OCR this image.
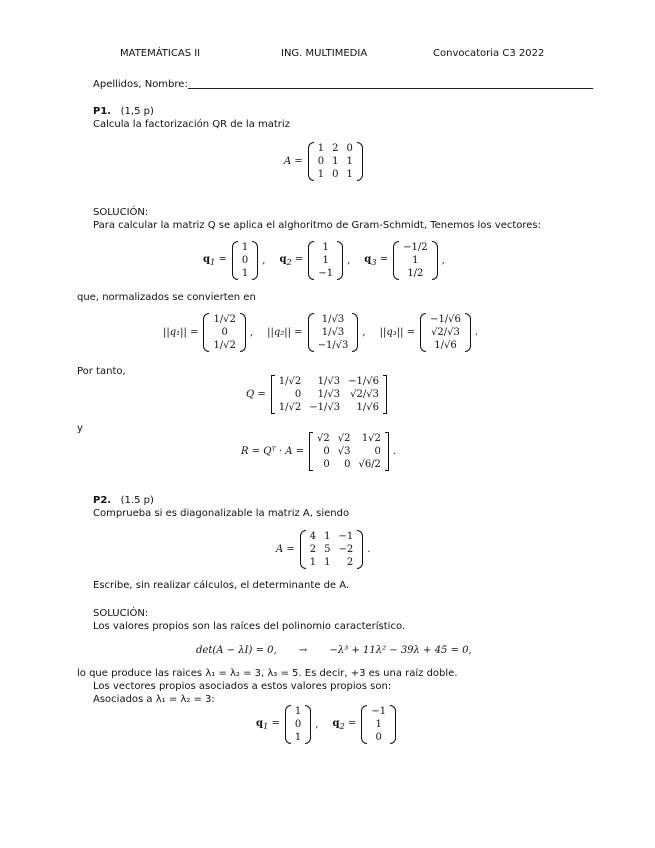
MATEMÁTICAS II	ING. MULTIMEDIA	Convocatoria C3 2022
Apellidos, Nombre:
P1. (1,5 p)
Calcula la factorización QR de la matriz
A =
1	2	0
0	1	1
1	0	1
SOLUCIÓN:
Para calcular la matriz Q se aplica el alghoritmo de Gram-Schmidt, Tenemos los vectores:
$q_1$ =
1
0
1
, $q_2$ =
1
1
−1
, $q_3$ =
−1/2
1
1/2
,
que, normalizados se convierten en
||q₁|| =
1/√2
0
1/√2
, ||q₂|| =
1/√3
1/√3
−1/√3
, ||q₃|| =
−1/√6
√2/√3
1/√6
.
Por tanto,
Q =
1/√2	1/√3	−1/√6
0	1/√3	√2/√3
1/√2	−1/√3	1/√6
y
R = Qᵀ · A =
√2	√2	1√2
0	√3	0
0	0	√6/2
.
P2. (1.5 p)
Comprueba si es diagonalizable la matriz A, siendo
A =
4	1	−1
2	5	−2
1	1	2
.
Escribe, sin realizar cálculos, el determinante de A.
SOLUCIÓN:
Los valores propios son las raíces del polinomio característico.
det(A − λI) = 0,       →       −λ³ + 11λ² − 39λ + 45 = 0,
lo que produce las raices λ₁ = λ₂ = 3, λ₃ = 5. Es decir, +3 es una raíz doble.
Los vectores propios asociados a estos valores propios son:
Asociados a λ₁ = λ₂ = 3:
$q_1$ =
1
0
1
, $q_2$ =
−1
1
0
